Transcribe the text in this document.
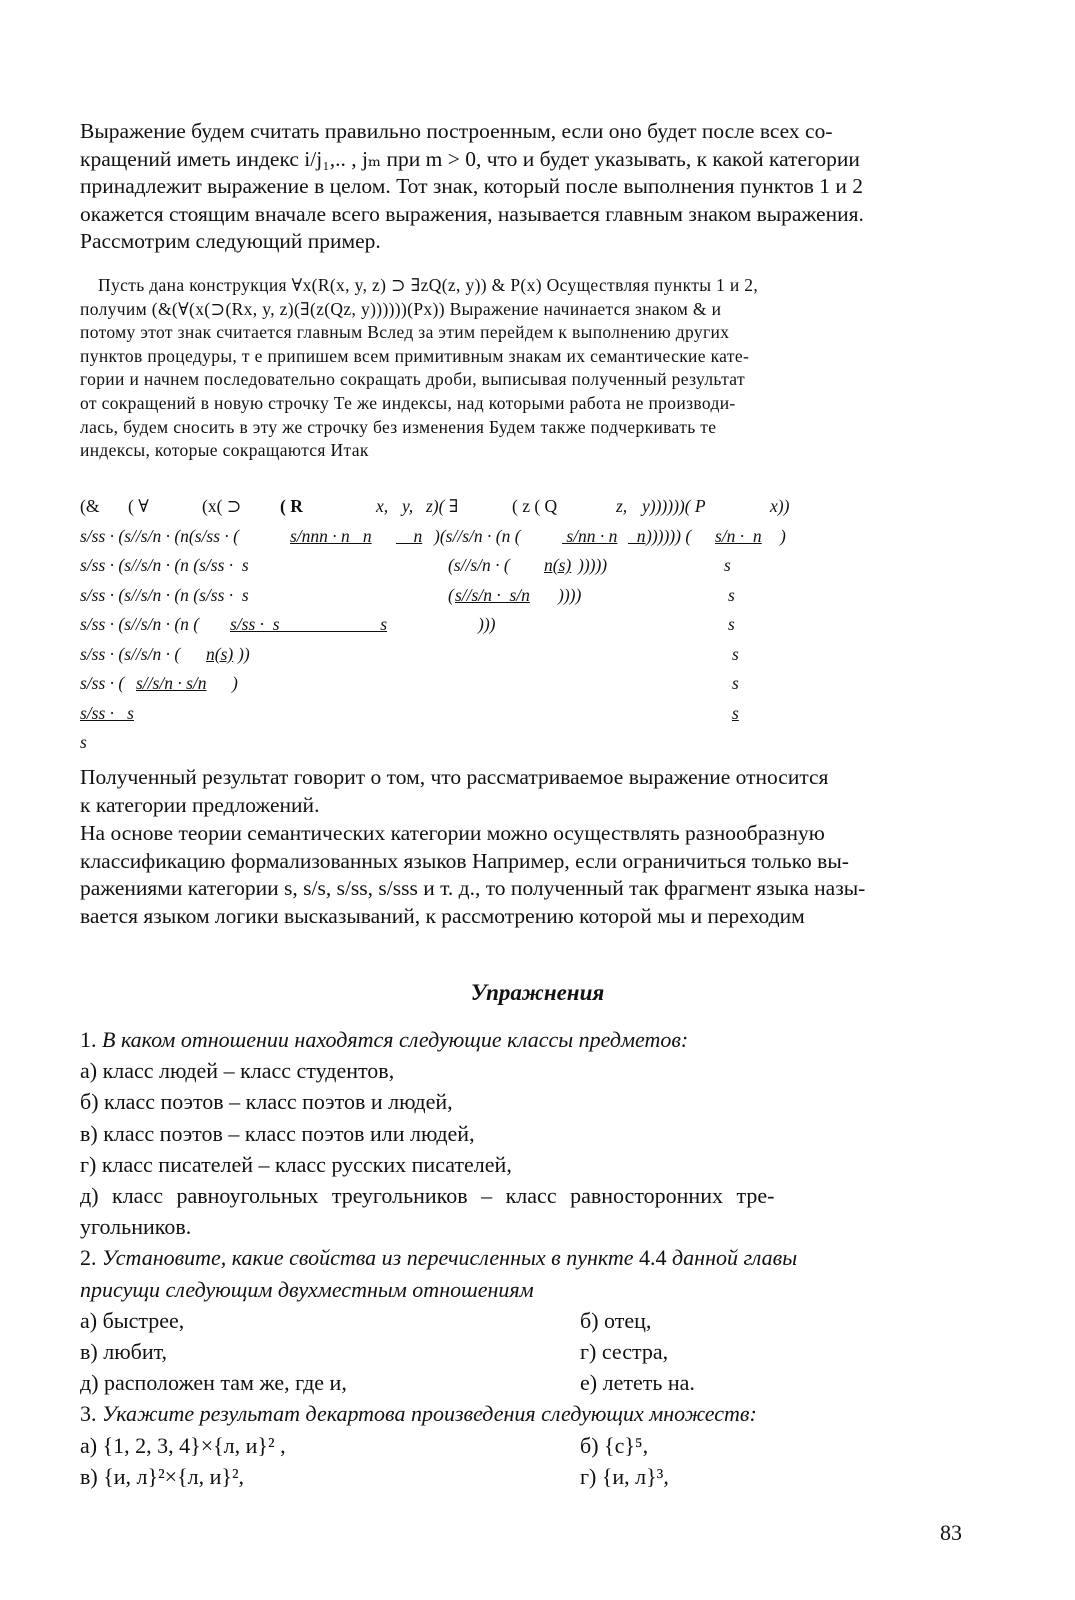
Выражение будем считать правильно построенным, если оно будет после всех со-
кращений иметь индекс i/j₁,.. , jₘ при m > 0, что и будет указывать, к какой категории
принадлежит выражение в целом. Тот знак, который после выполнения пунктов 1 и 2
окажется стоящим вначале всего выражения, называется главным знаком выражения.
Рассмотрим следующий пример.
Пусть дана конструкция ∀x(R(x, y, z) ⊃ ∃zQ(z, y)) & P(x) Осуществляя пункты 1 и 2,
получим (&(∀(x(⊃(Rx, y, z)(∃(z(Qz, y))))))(Px)) Выражение начинается знаком & и
потому этот знак считается главным Вслед за этим перейдем к выполнению других
пунктов процедуры, т е припишем всем примитивным знакам их семантические кате-
гории и начнем последовательно сокращать дроби, выписывая полученный результат
от сокращений в новую строчку Те же индексы, над которыми работа не производи-
лась, будем сносить в эту же строчку без изменения Будем также подчеркивать те
индексы, которые сокращаются Итак
(& ( ∀	(x( ⊃ ( R	x, y, z)( ∃	( z ( Q	z, y))))))( P	x))
s/ss · (s//s/n · (n(s/ss · (	s/nnn · n   n n )(s//s/n · (n ( s/nn · n n )))))) ( s/n ·  n )
s/ss · (s//s/n · (n (s/ss ·  s	(s//s/n · ( n(s) )))))	s
s/ss · (s//s/n · (n (s/ss ·  s	( s//s/n ·  s/n ))))	s
s/ss · (s//s/n · (n ( s/ss ·  s                       s	)))	s
s/ss · (s//s/n · ( n(s) ))	s
s/ss · ( s//s/n · s/n )	s
s/ss ·   s	s
s
Полученный результат говорит о том, что рассматриваемое выражение относится
к категории предложений.
На основе теории семантических категории можно осуществлять разнообразную
классификацию формализованных языков Например, если ограничиться только вы-
ражениями категории s, s/s, s/ss, s/sss и т. д., то полученный так фрагмент языка назы-
вается языком логики высказываний, к рассмотрению которой мы и переходим
Упражнения
1. В каком отношении находятся следующие классы предметов:
а) класс людей – класс студентов,
б) класс поэтов – класс поэтов и людей,
в) класс поэтов – класс поэтов или людей,
г) класс писателей – класс русских писателей,
д) класс равноугольных треугольников – класс равносторонних тре-
угольников.
2. Установите, какие свойства из перечисленных в пункте 4.4 данной главы
присущи следующим двухместным отношениям
а) быстрее,	б) отец,
в) любит,	г) сестра,
д) расположен там же, где и,	е) лететь на.
3. Укажите результат декартова произведения следующих множеств:
а) {1, 2, 3, 4}×{л, и}² ,	б) {с}⁵,
в) {и, л}²×{л, и}²,	г) {и, л}³,
83
